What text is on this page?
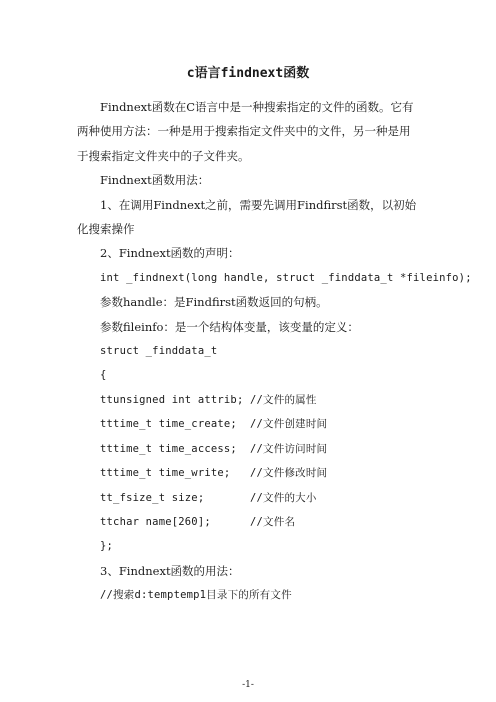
c语言findnext函数

Findnext函数在C语言中是一种搜索指定的文件的函数。它有两种使用方法：一种是用于搜索指定文件夹中的文件，另一种是用于搜索指定文件夹中的子文件夹。

Findnext函数用法：

1、在调用Findnext之前，需要先调用Findfirst函数，以初始化搜索操作

2、Findnext函数的声明：

int _findnext(long handle, struct _finddata_t *fileinfo);

参数handle：是Findfirst函数返回的句柄。

参数fileinfo：是一个结构体变量，该变量的定义：

struct _finddata_t

{

ttunsigned int attrib; //文件的属性

tttime_t time_create;  //文件创建时间

tttime_t time_access;  //文件访问时间

tttime_t time_write;   //文件修改时间

tt_fsize_t size;       //文件的大小

ttchar name[260];      //文件名

};

3、Findnext函数的用法：

//搜索d:temptemp1目录下的所有文件

-1-
